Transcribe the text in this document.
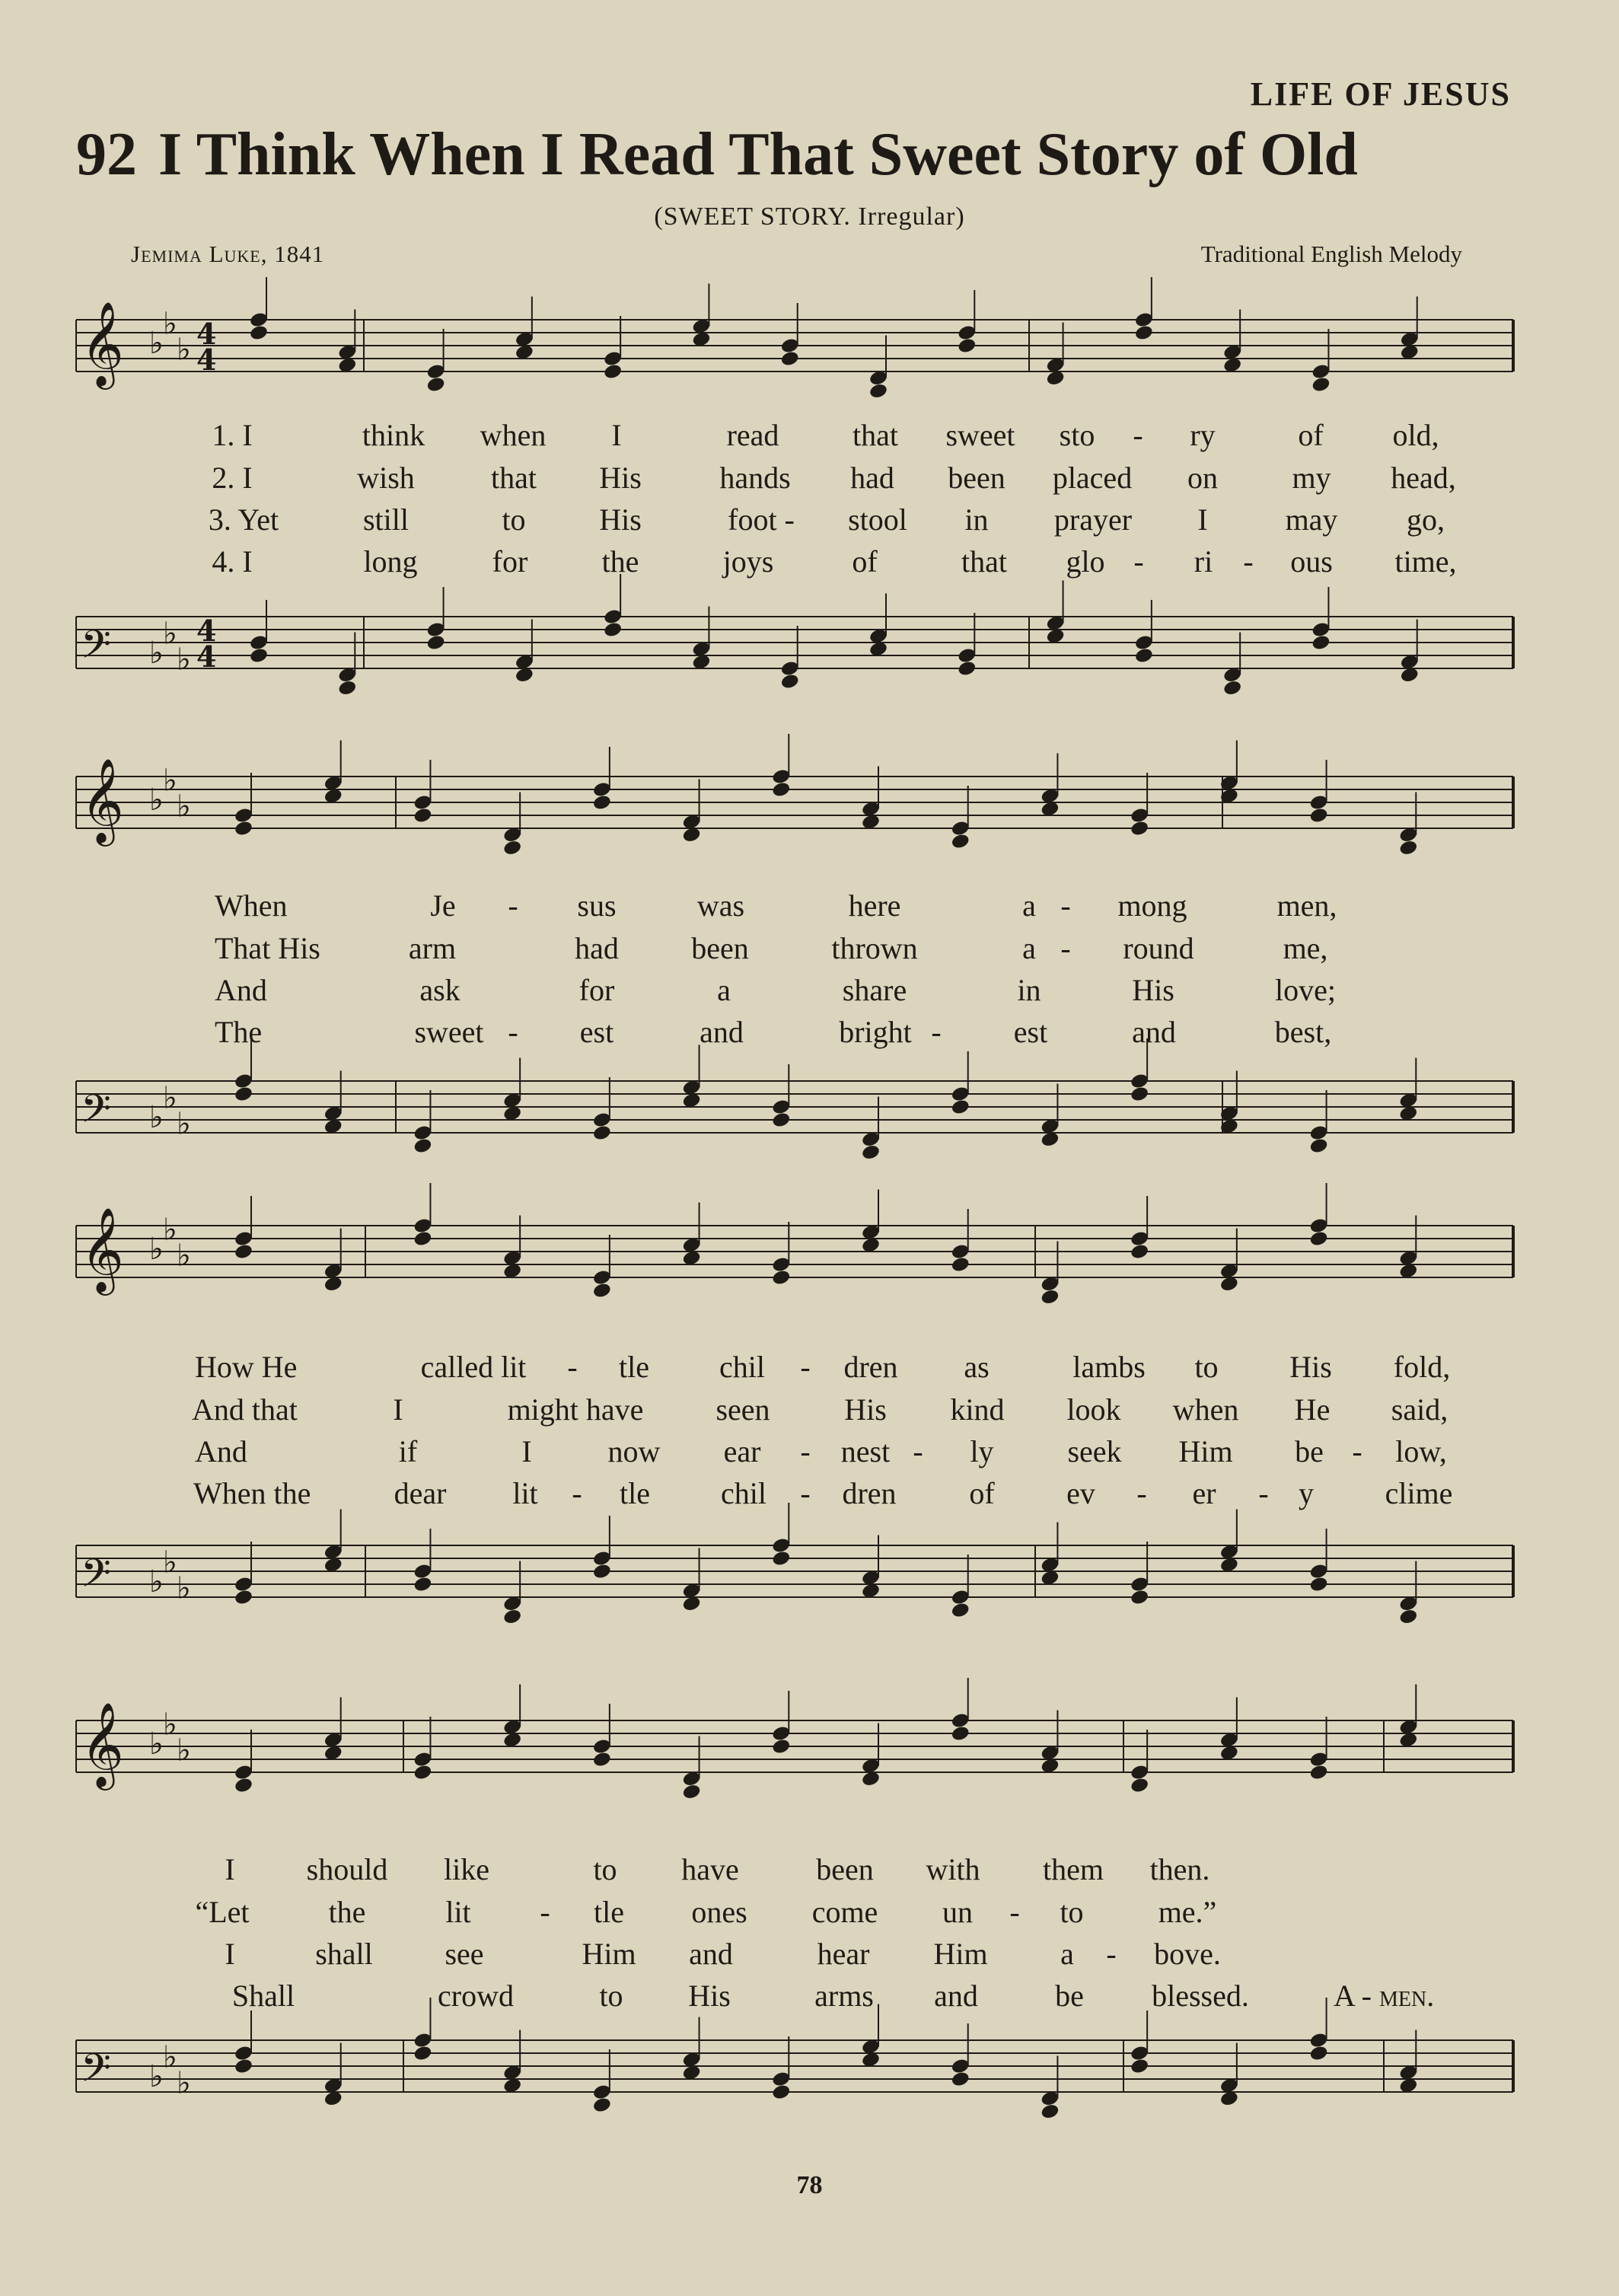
LIFE OF JESUS
92 I Think When I Read That Sweet Story of Old
(SWEET STORY. Irregular)
Jemima Luke, 1841	Traditional English Melody
𝄞 ♭
♭
♭ 4
4
1. I	think when I	read that sweet sto - ry	of old,
2. I	wish	that His	hands had been placed on my head,
3. Yet	still	to His	foot - stool in prayer I	may go,
4. I	long for the	joys	of	that glo - ri - ous time,
𝄢 ♭
♭
♭
4
4
𝄞 ♭
♭
♭
When	Je - sus	was	here	a - mong	men,
That His	arm	had been	thrown	a - round	me,
And	ask	for	a	share	in	His	love;
The	sweet - est	and	bright - est	and	best,
𝄢 ♭
♭
♭
𝄞 ♭
♭
♭
How He	called lit - tle chil - dren as	lambs to His fold,
And that	I	might have seen His kind look when He said,
And	if	I now ear - nest - ly seek Him be - low,
When the	dear lit - tle chil - dren of ev - er - y clime
𝄢 ♭
♭
♭
𝄞 ♭
♭
♭
I should like	to have	been with them then.
“Let	the	lit - tle ones come un - to me.”
I	shall see	Him and	hear Him a - bove.
Shall	crowd	to His	arms and	be blessed.	A - men.
𝄢 ♭
♭
♭
78
